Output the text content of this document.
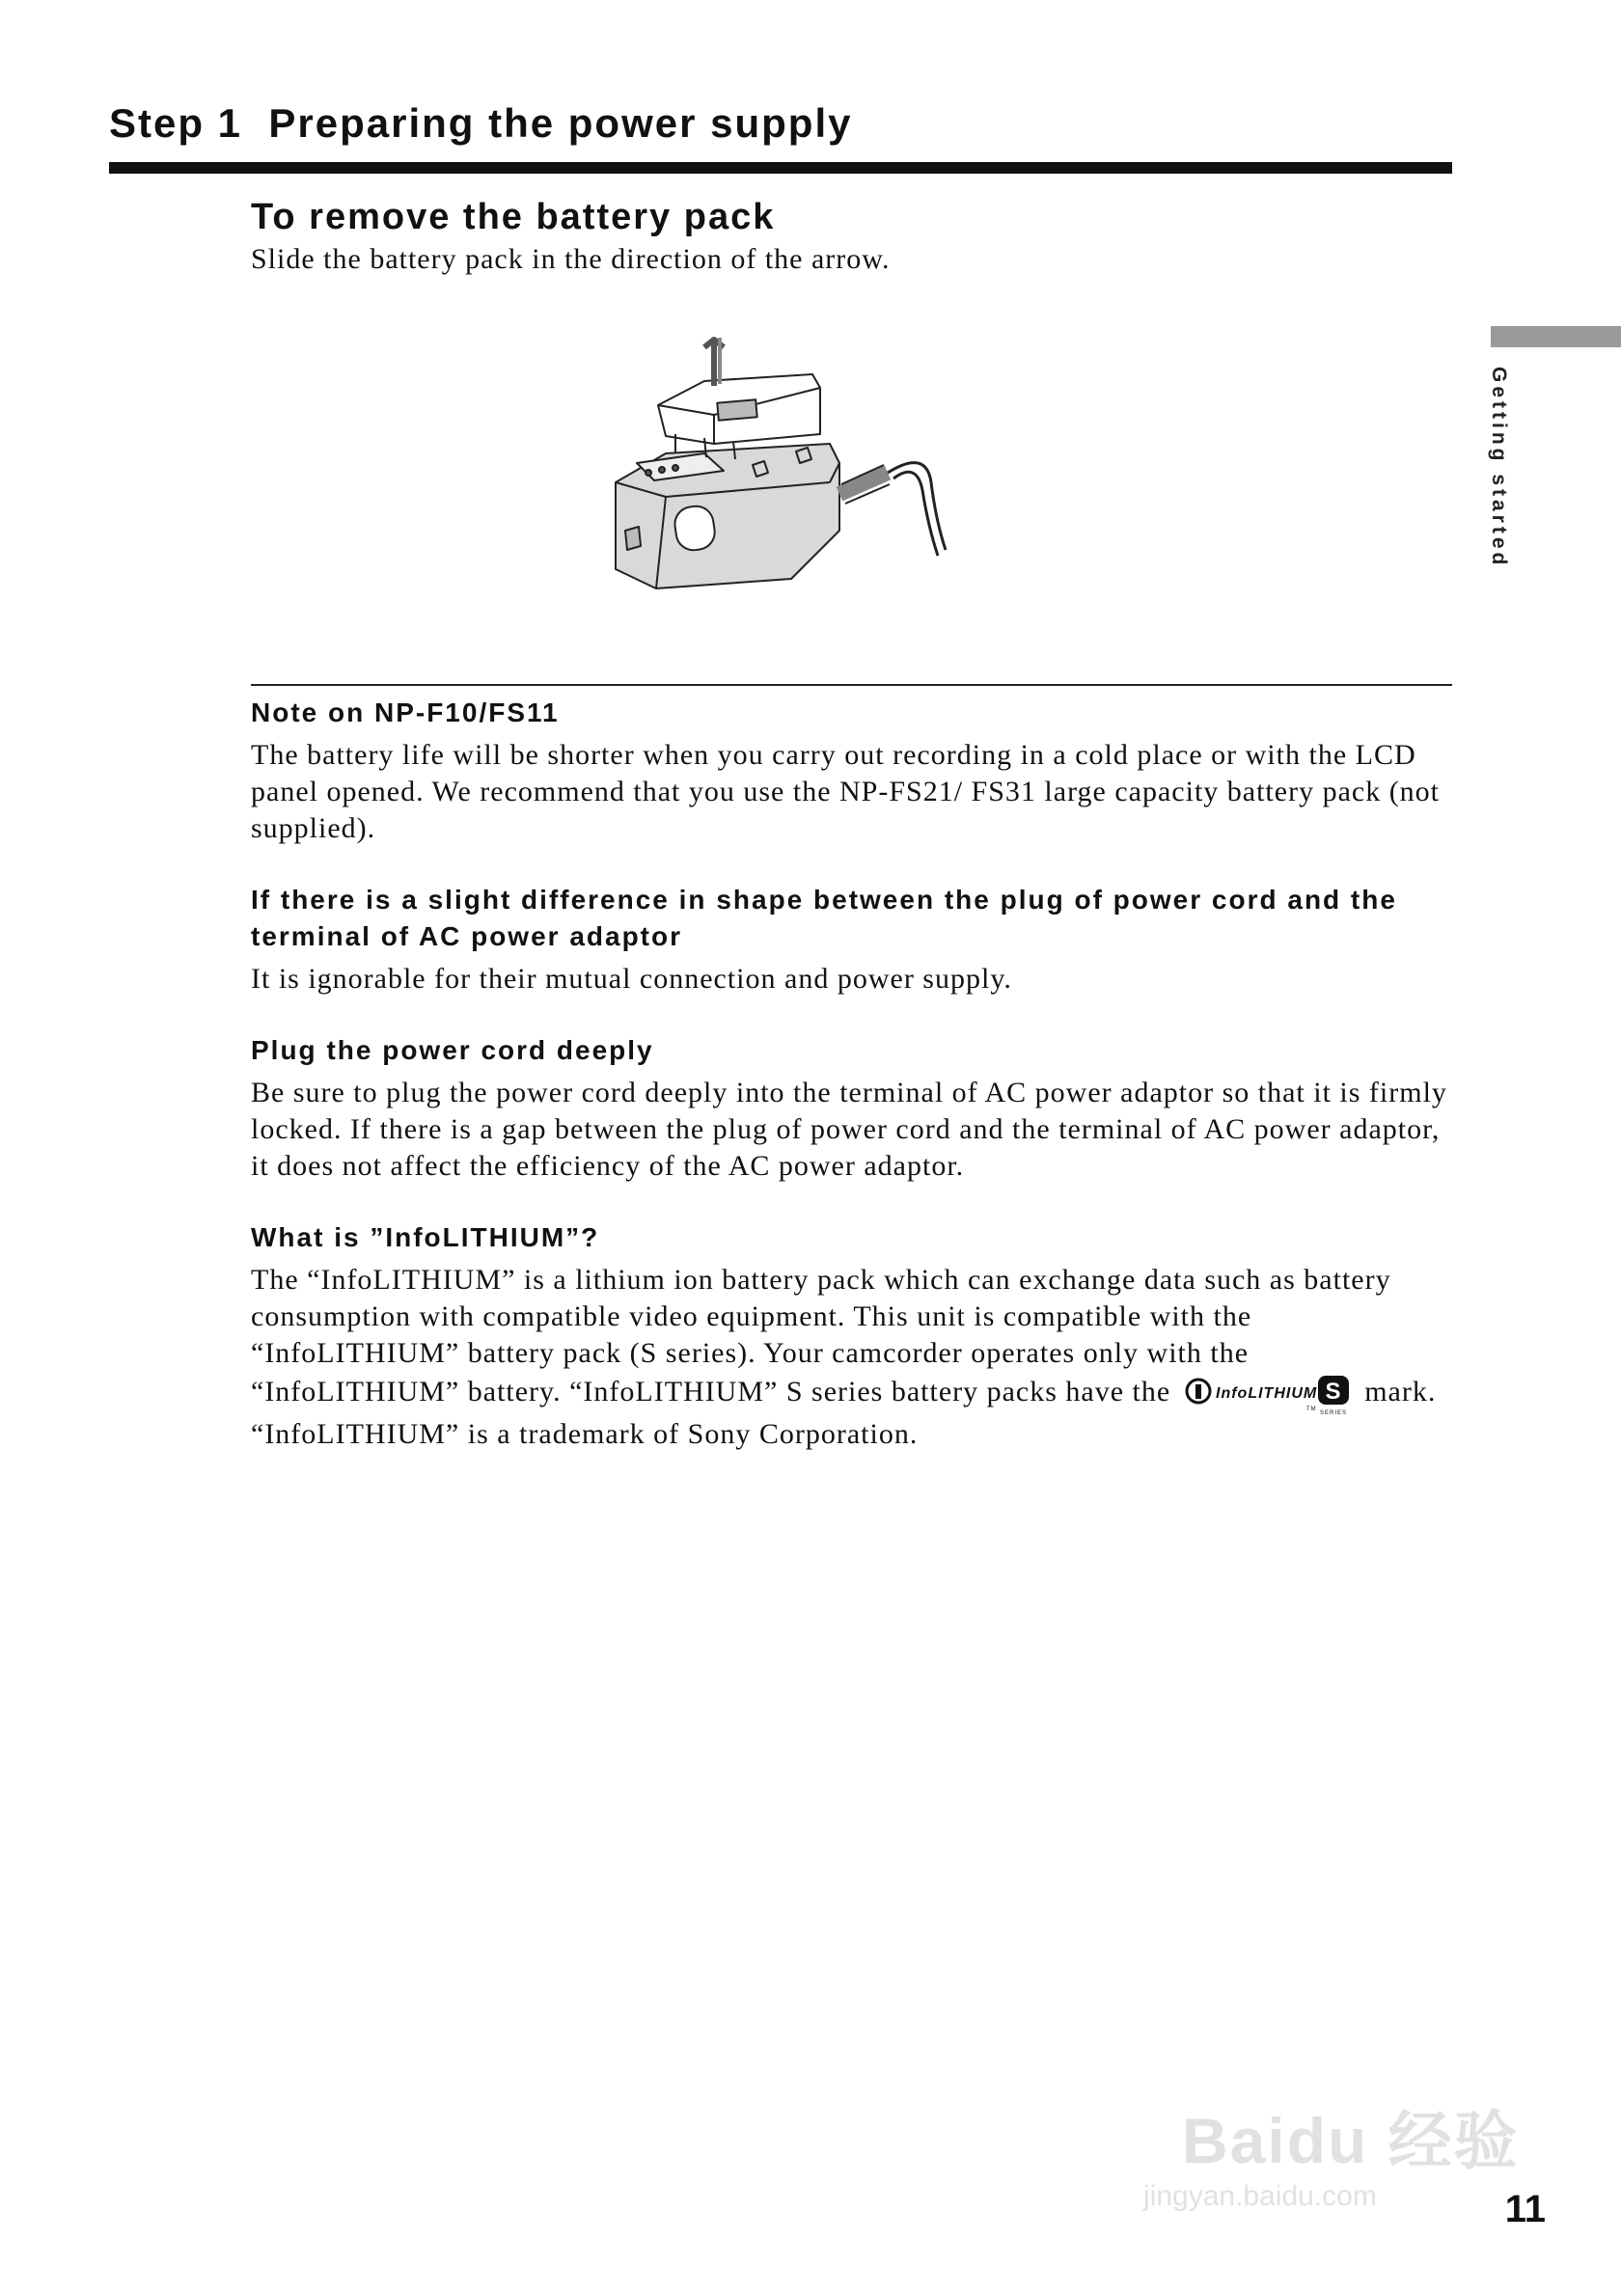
Step 1  Preparing the power supply
To remove the battery pack
Slide the battery pack in the direction of the arrow.
Getting started
Note on NP-F10/FS11

The battery life will be shorter when you carry out recording in a cold place or with the LCD panel opened. We recommend that you use the NP-FS21/ FS31 large capacity battery pack (not supplied).

If there is a slight difference in shape between the plug of power cord and the terminal of AC power adaptor

It is ignorable for their mutual connection and power supply.

Plug the power cord deeply

Be sure to plug the power cord deeply into the terminal of AC power adaptor so that it is firmly locked. If there is a gap between the plug of power cord and the terminal of AC power adaptor, it does not affect the efficiency of the AC power adaptor.

What is ”InfoLITHIUM”?

The “InfoLITHIUM” is a lithium ion battery pack which can exchange data such as battery consumption with compatible video equipment. This unit is compatible with the “InfoLITHIUM” battery pack (S series). Your camcorder operates only with the “InfoLITHIUM” battery. “InfoLITHIUM” S series battery packs have the	InfoLITHIUM
TM
S
SERIES
mark.

“InfoLITHIUM” is a trademark of Sony Corporation.

Baidu 经验
jingyan.baidu.com	11
